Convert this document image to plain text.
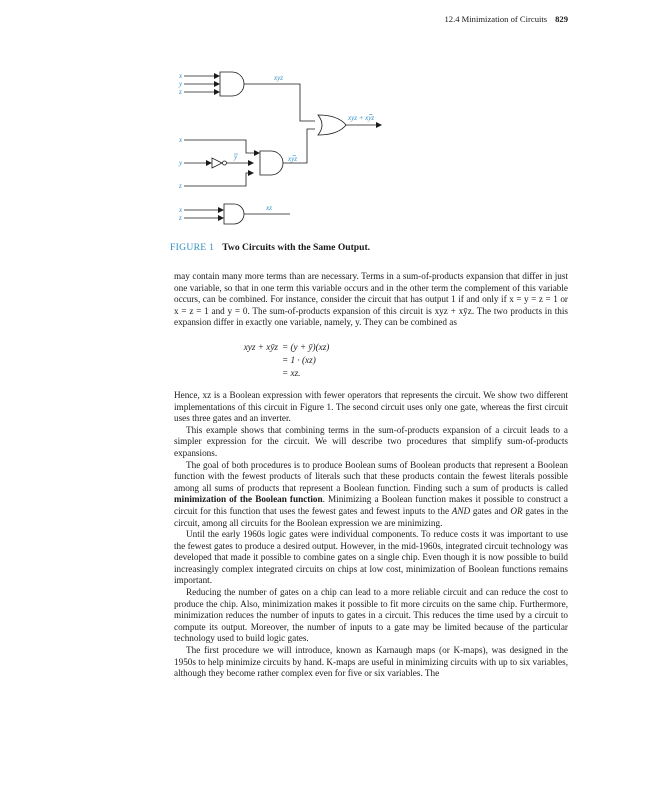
12.4 Minimization of Circuits 829
x
y
z
x
y
z
x
z
y
xyz
xyz
xyz + xyz
xz
FIGURE 1 Two Circuits with the Same Output.

may contain many more terms than are necessary. Terms in a sum-of-products expansion that differ in just one variable, so that in one term this variable occurs and in the other term the complement of this variable occurs, can be combined. For instance, consider the circuit that has output 1 if and only if x = y = z = 1 or x = z = 1 and y = 0. The sum-of-products expansion of this circuit is xyz + xȳz. The two products in this expansion differ in exactly one variable, namely, y. They can be combined as

xyz + xȳz = (y + ȳ)(xz)
= 1 · (xz)
= xz.

Hence, xz is a Boolean expression with fewer operators that represents the circuit. We show two different implementations of this circuit in Figure 1. The second circuit uses only one gate, whereas the first circuit uses three gates and an inverter.

This example shows that combining terms in the sum-of-products expansion of a circuit leads to a simpler expression for the circuit. We will describe two procedures that simplify sum-of-products expansions.

The goal of both procedures is to produce Boolean sums of Boolean products that represent a Boolean function with the fewest products of literals such that these products contain the fewest literals possible among all sums of products that represent a Boolean function. Finding such a sum of products is called minimization of the Boolean function. Minimizing a Boolean function makes it possible to construct a circuit for this function that uses the fewest gates and fewest inputs to the AND gates and OR gates in the circuit, among all circuits for the Boolean expression we are minimizing.

Until the early 1960s logic gates were individual components. To reduce costs it was important to use the fewest gates to produce a desired output. However, in the mid-1960s, integrated circuit technology was developed that made it possible to combine gates on a single chip. Even though it is now possible to build increasingly complex integrated circuits on chips at low cost, minimization of Boolean functions remains important.

Reducing the number of gates on a chip can lead to a more reliable circuit and can reduce the cost to produce the chip. Also, minimization makes it possible to fit more circuits on the same chip. Furthermore, minimization reduces the number of inputs to gates in a circuit. This reduces the time used by a circuit to compute its output. Moreover, the number of inputs to a gate may be limited because of the particular technology used to build logic gates.

The first procedure we will introduce, known as Karnaugh maps (or K-maps), was designed in the 1950s to help minimize circuits by hand. K-maps are useful in minimizing circuits with up to six variables, although they become rather complex even for five or six variables. The
